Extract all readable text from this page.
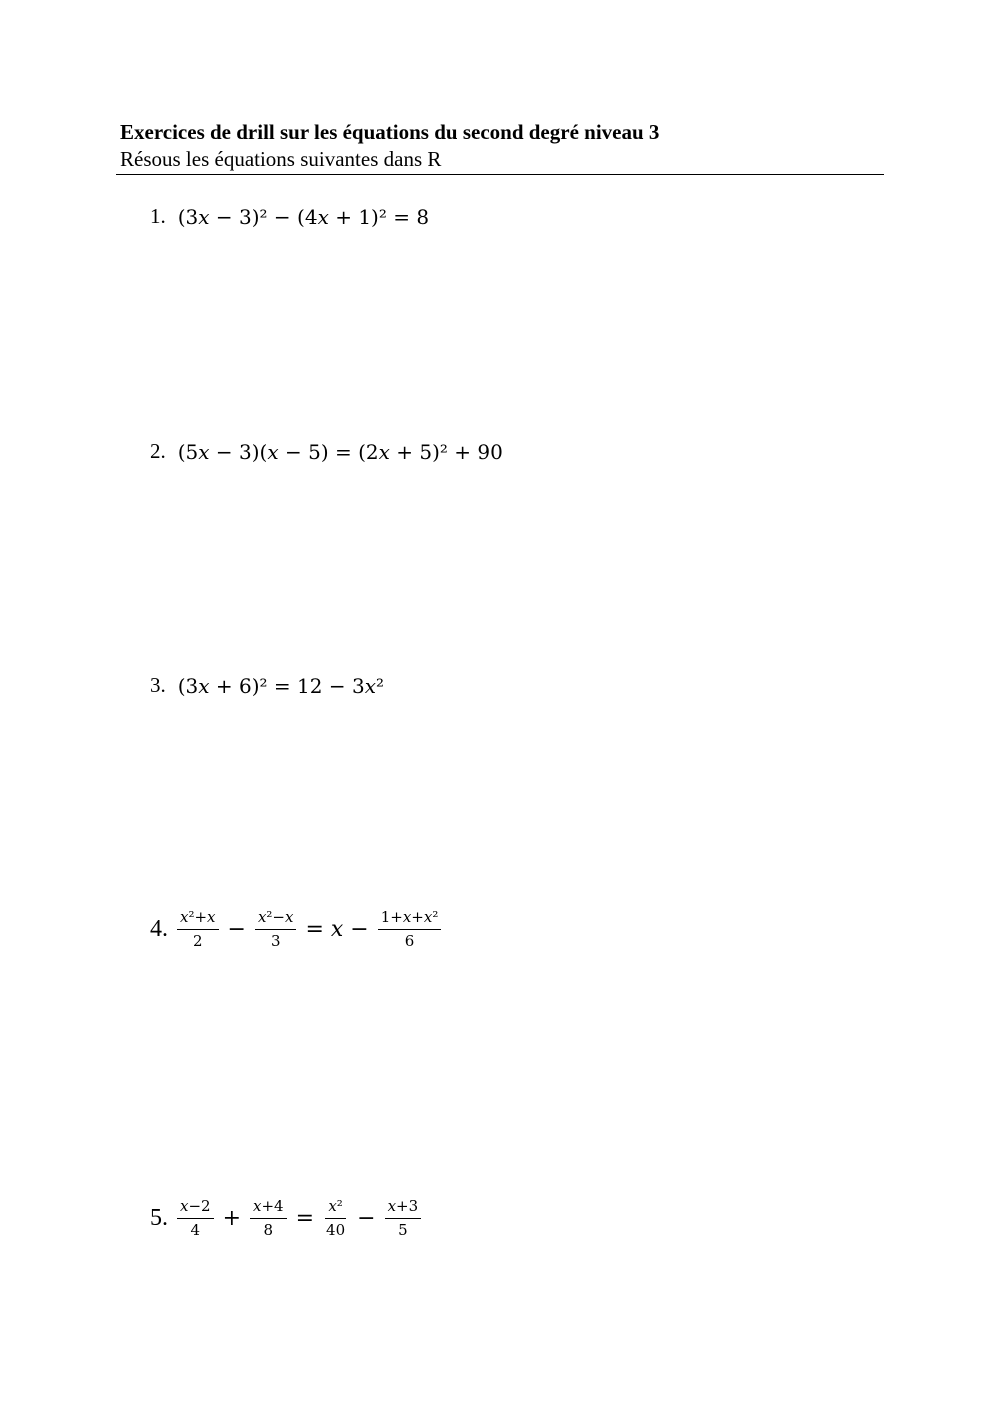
Exercices de drill sur les équations du second degré niveau 3
Résous les équations suivantes dans R
1. (3𝑥 − 3)² − (4𝑥 + 1)² = 8
2. (5𝑥 − 3)(𝑥 − 5) = (2𝑥 + 5)² + 90
3. (3𝑥 + 6)² = 12 − 3𝑥²
4. $\frac{\text{𝑥²+𝑥}}{2} - \frac{\text{𝑥²−𝑥}}{3}$ = 𝑥 − $\frac{\text{1+𝑥+𝑥²}}{6}$
5. $\frac{\text{𝑥−2}}{4} + \frac{\text{𝑥+4}}{8} = \frac{\text{𝑥²}}{40} - \frac{\text{𝑥+3}}{5}$
